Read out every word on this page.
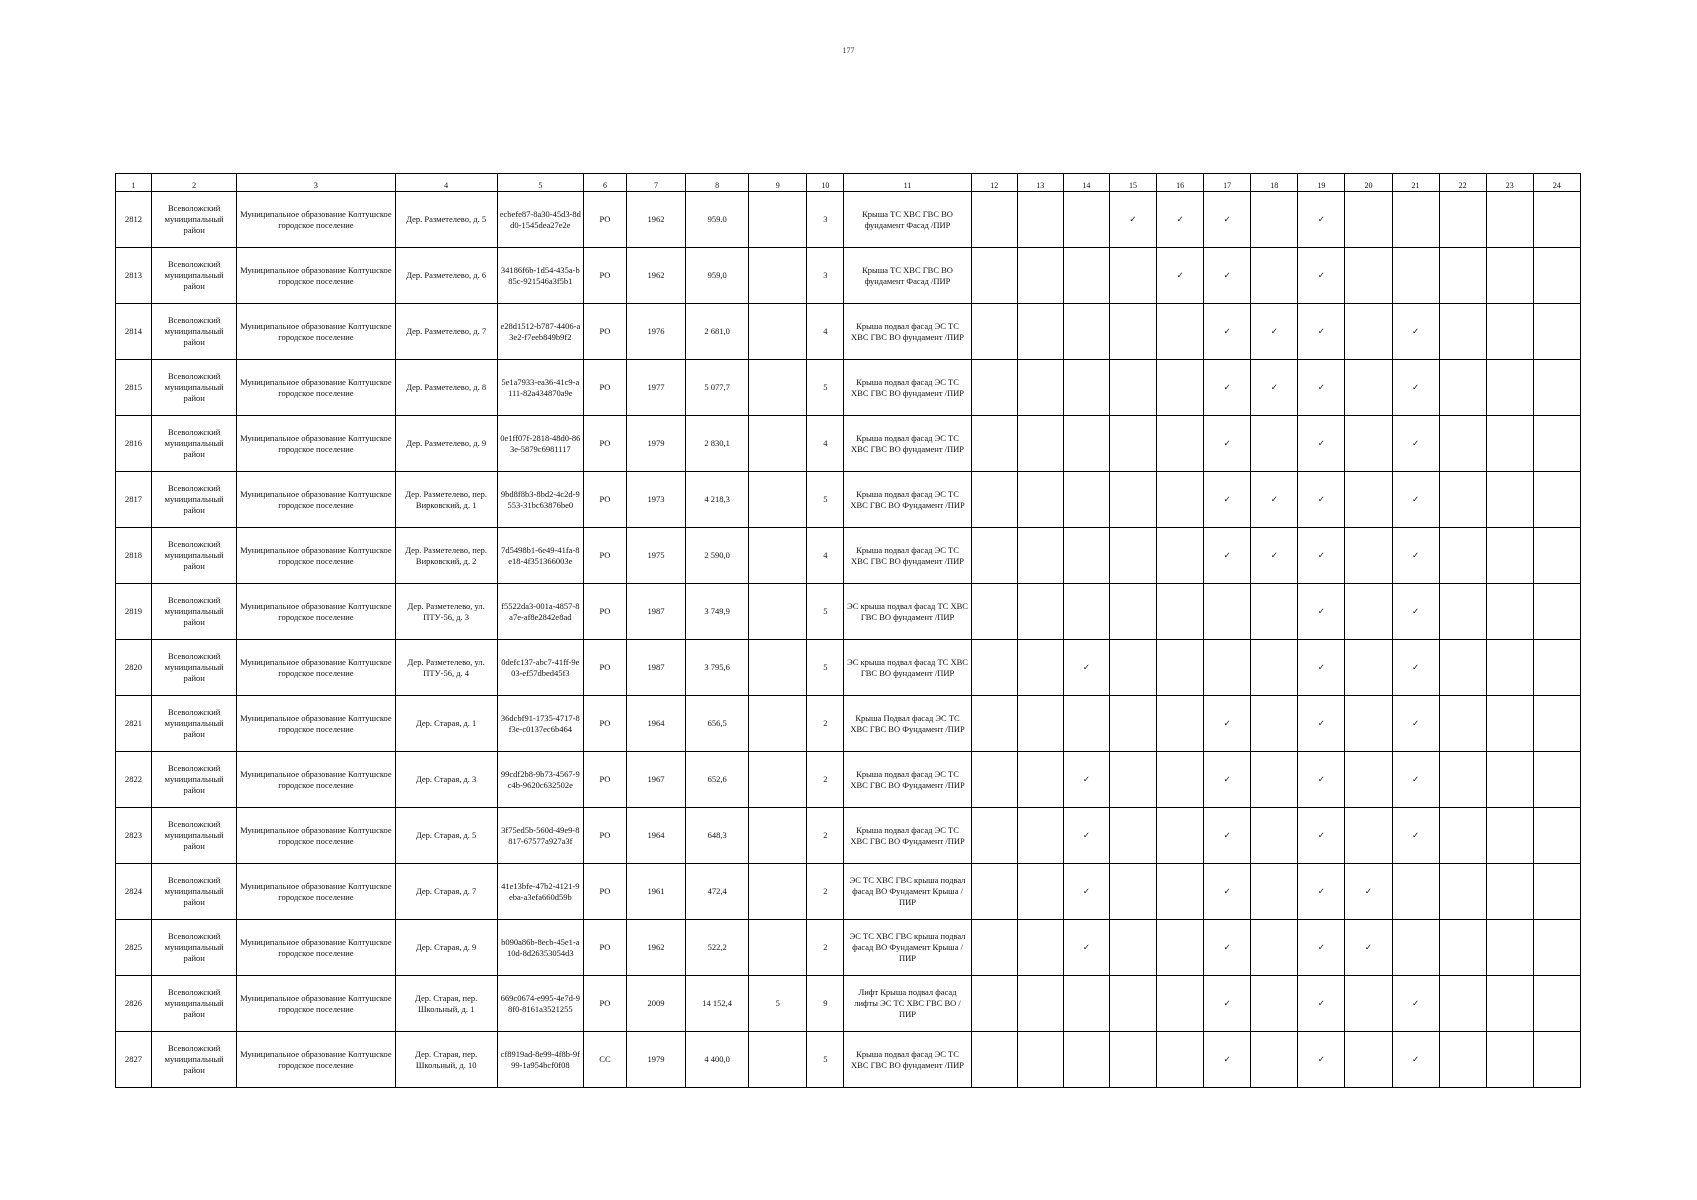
177
1	2	3	4	5	6	7	8	9	10	11	12	13	14	15	16	17	18	19	20	21	22	23	24
2812	Всеволожский муниципальный район	Муниципальное образование Колтушское городское поселение	Дер. Разметелево, д. 5	ecbefe87-8a30-45d3-8dd0-1545dea27e2e	РО	1962	959.0		3	Крыша ТС ХВС ГВС ВО фундамент Фасад /ПИР				✓	✓	✓		✓					
2813	Всеволожский муниципальный район	Муниципальное образование Колтушское городское поселение	Дер. Разметелево, д. 6	34186f6b-1d54-435a-b85c-921546a3f5b1	РО	1962	959,0		3	Крыша ТС ХВС ГВС ВО фундамент Фасад /ПИР					✓	✓		✓					
2814	Всеволожский муниципальный район	Муниципальное образование Колтушское городское поселение	Дер. Разметелево, д. 7	e28d1512-b787-4406-a3e2-f7eeb849b9f2	РО	1976	2 681,0		4	Крыша подвал фасад ЭС ТС ХВС ГВС ВО фундамент /ПИР						✓	✓	✓		✓			
2815	Всеволожский муниципальный район	Муниципальное образование Колтушское городское поселение	Дер. Разметелево, д. 8	5e1a7933-ea36-41c9-a111-82a434870a9e	РО	1977	5 077,7		5	Крыша подвал фасад ЭС ТС ХВС ГВС ВО фундамент /ПИР						✓	✓	✓		✓			
2816	Всеволожский муниципальный район	Муниципальное образование Колтушское городское поселение	Дер. Разметелево, д. 9	0e1ff07f-2818-48d0-863e-5879c6981117	РО	1979	2 830,1		4	Крыша подвал фасад ЭС ТС ХВС ГВС ВО фундамент /ПИР						✓		✓		✓			
2817	Всеволожский муниципальный район	Муниципальное образование Колтушское городское поселение	Дер. Разметелево, пер. Вирковский, д. 1	9bd8f8b3-8bd2-4c2d-9553-31bc63876be0	РО	1973	4 218,3		5	Крыша подвал фасад ЭС ТС ХВС ГВС ВО Фундамент /ПИР						✓	✓	✓		✓			
2818	Всеволожский муниципальный район	Муниципальное образование Колтушское городское поселение	Дер. Разметелево, пер. Вирковский, д. 2	7d5498b1-6e49-41fa-8e18-4f351366003e	РО	1975	2 590,0		4	Крыша подвал фасад ЭС ТС ХВС ГВС ВО фундамент /ПИР						✓	✓	✓		✓			
2819	Всеволожский муниципальный район	Муниципальное образование Колтушское городское поселение	Дер. Разметелево, ул. ПТУ-56, д. 3	f5522da3-001a-4857-8a7e-af8e2842e8ad	РО	1987	3 749,9		5	ЭС крыша подвал фасад ТС ХВС ГВС ВО фундамент /ПИР								✓		✓			
2820	Всеволожский муниципальный район	Муниципальное образование Колтушское городское поселение	Дер. Разметелево, ул. ПТУ-56, д. 4	0defc137-abc7-41ff-9e03-ef57dbed45f3	РО	1987	3 795,6		5	ЭС крыша подвал фасад ТС ХВС ГВС ВО фундамент /ПИР			✓					✓		✓			
2821	Всеволожский муниципальный район	Муниципальное образование Колтушское городское поселение	Дер. Старая, д. 1	36dcbf91-1735-4717-8f3e-c0137ec6b464	РО	1964	656,5		2	Крыша Подвал фасад ЭС ТС ХВС ГВС ВО Фундамент /ПИР						✓		✓		✓			
2822	Всеволожский муниципальный район	Муниципальное образование Колтушское городское поселение	Дер. Старая, д. 3	99cdf2b8-9b73-4567-9c4b-9620c632502e	РО	1967	652,6		2	Крыша подвал фасад ЭС ТС ХВС ГВС ВО Фундамент /ПИР			✓			✓		✓		✓			
2823	Всеволожский муниципальный район	Муниципальное образование Колтушское городское поселение	Дер. Старая, д. 5	3f75ed5b-560d-49e9-8817-67577a927a3f	РО	1964	648,3		2	Крыша подвал фасад ЭС ТС ХВС ГВС ВО Фундамент /ПИР			✓			✓		✓		✓			
2824	Всеволожский муниципальный район	Муниципальное образование Колтушское городское поселение	Дер. Старая, д. 7	41e13bfe-47b2-4121-9eba-a3efa660d59b	РО	1961	472,4		2	ЭС ТС ХВС ГВС крыша подвал фасад ВО Фундамент Крыша /ПИР			✓			✓		✓	✓				
2825	Всеволожский муниципальный район	Муниципальное образование Колтушское городское поселение	Дер. Старая, д. 9	b090a86b-8ecb-45e1-a10d-8d26353054d3	РО	1962	522,2		2	ЭС ТС ХВС ГВС крыша подвал фасад ВО Фундамент Крыша /ПИР			✓			✓		✓	✓				
2826	Всеволожский муниципальный район	Муниципальное образование Колтушское городское поселение	Дер. Старая, пер. Школьный, д. 1	669c0674-e995-4e7d-98f0-8161a3521255	РО	2009	14 152,4	5	9	Лифт Крыша подвал фасад лифты ЭС ТС ХВС ГВС ВО /ПИР						✓		✓		✓			
2827	Всеволожский муниципальный район	Муниципальное образование Колтушское городское поселение	Дер. Старая, пер. Школьный, д. 10	cf8919ad-8e99-4f8b-9f99-1a954bcf0f08	СС	1979	4 400,0		5	Крыша подвал фасад ЭС ТС ХВС ГВС ВО фундамент /ПИР						✓		✓		✓			
